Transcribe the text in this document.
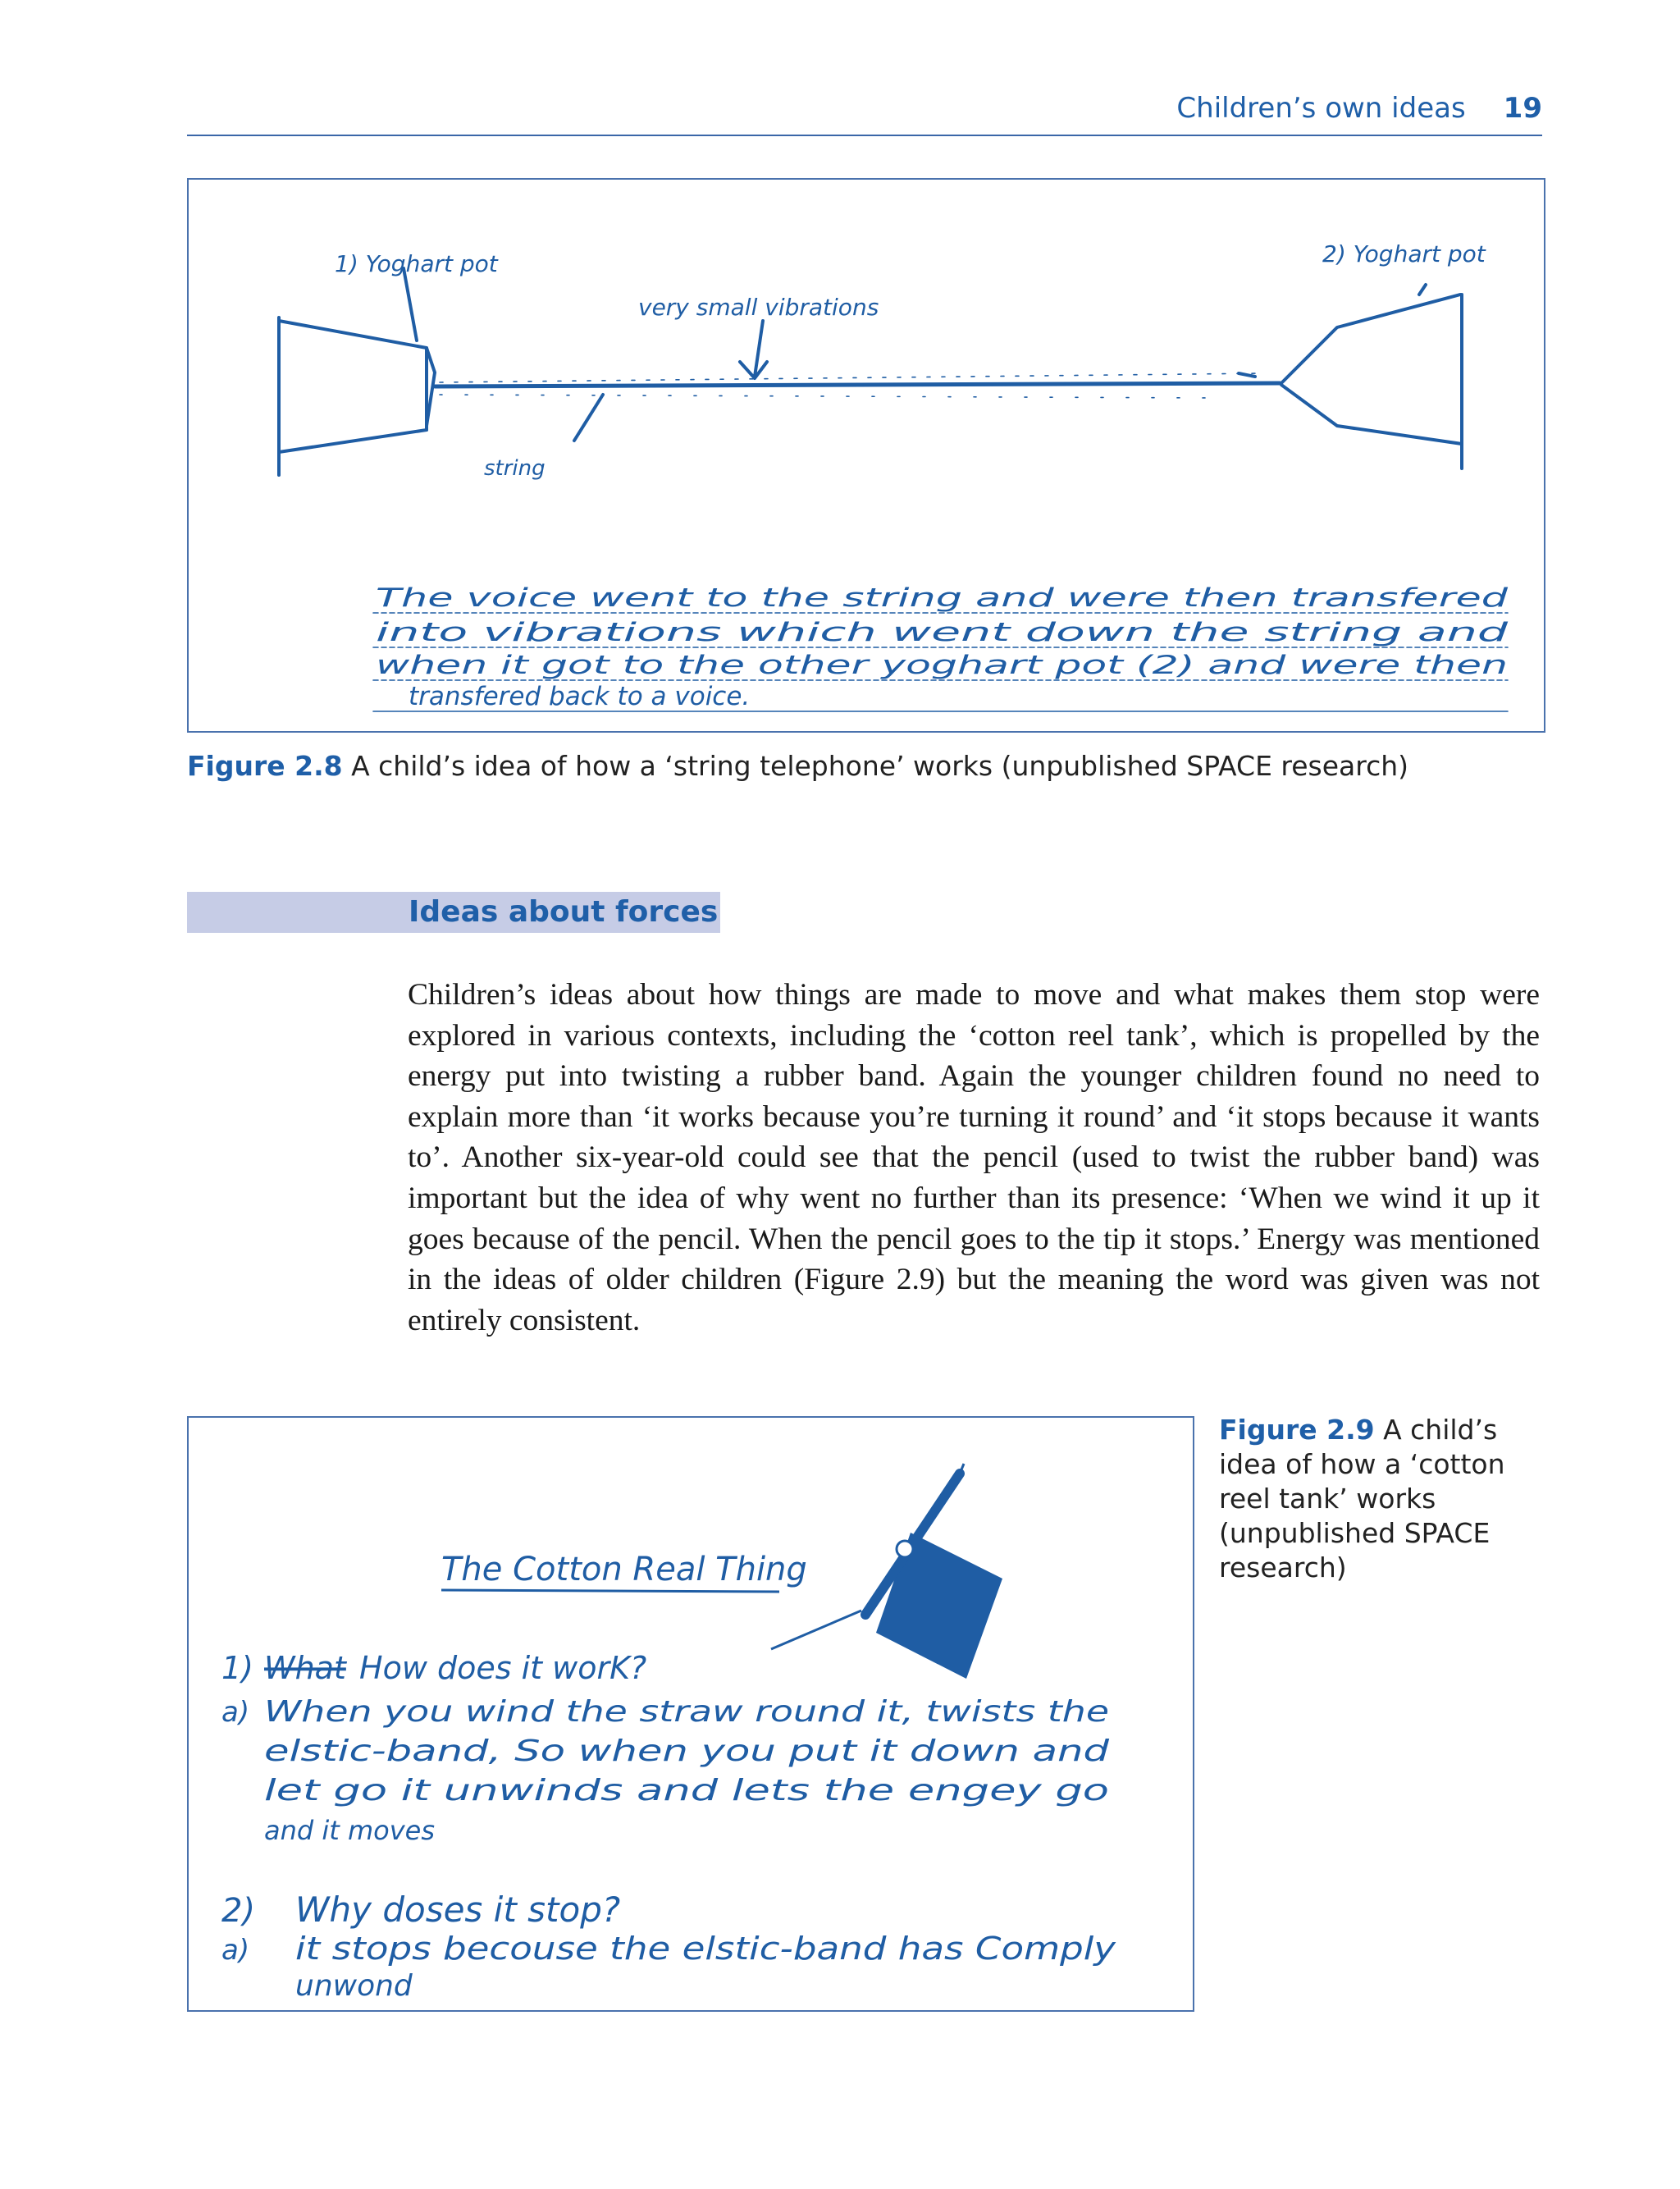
Children’s own ideas 19
1) Yoghart pot	2) Yoghart pot
very small vibrations
string
The voice went to the string and were then transfered
into vibrations which went down the string and
when it got to the other yoghart pot (2) and were then
transfered back to a voice.
Figure 2.8 A child’s idea of how a ‘string telephone’ works (unpublished SPACE research)
Ideas about forces
Children’s ideas about how things are made to move and what makes them stop were explored in various contexts, including the ‘cotton reel tank’, which is propelled by the energy put into twisting a rubber band. Again the younger children found no need to explain more than ‘it works because you’re turning it round’ and ‘it stops because it wants to’. Another six-year-old could see that the pencil (used to twist the rubber band) was important but the idea of why went no further than its presence: ‘When we wind it up it goes because of the pencil. When the pencil goes to the tip it stops.’ Energy was mentioned in the ideas of older children (Figure 2.9) but the meaning the word was given was not entirely consistent.
The Cotton Real Thing
1) What How does it worK?
a) When you wind the straw round it, twists the
elstic-band, So when you put it down and
let go it unwinds and lets the engey go
and it moves
2) Why doses it stop?
a) it stops becouse the elstic-band has Comply
unwond
Figure 2.9 A child’s idea of how a ‘cotton reel tank’ works (unpublished SPACE research)
